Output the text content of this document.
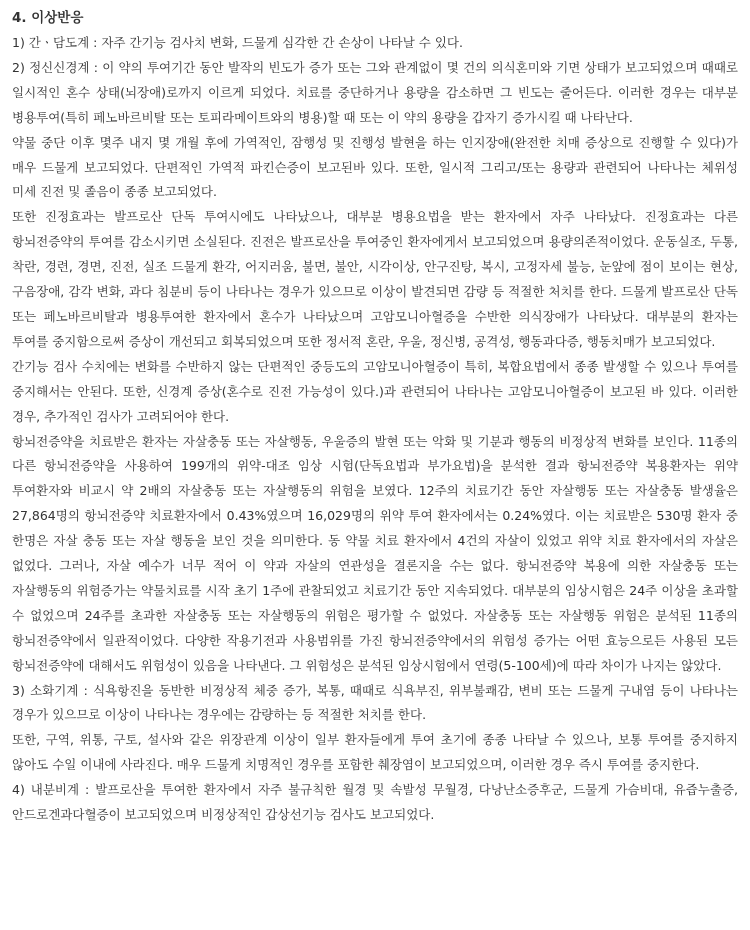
4. 이상반응

1) 간ㆍ담도계 : 자주 간기능 검사치 변화, 드물게 심각한 간 손상이 나타날 수 있다.

2) 정신신경계 : 이 약의 투여기간 동안 발작의 빈도가 증가 또는 그와 관계없이 몇 건의 의식혼미와 기면 상태가 보고되었으며 때때로 일시적인 혼수 상태(뇌장애)로까지 이르게 되었다. 치료를 중단하거나 용량을 감소하면 그 빈도는 줄어든다. 이러한 경우는 대부분 병용투여(특히 페노바르비탈 또는 토피라메이트와의 병용)할 때 또는 이 약의 용량을 갑자기 증가시킬 때 나타난다.

약물 중단 이후 몇주 내지 몇 개월 후에 가역적인, 잠행성 및 진행성 발현을 하는 인지장애(완전한 치매 증상으로 진행할 수 있다)가 매우 드물게 보고되었다. 단편적인 가역적 파킨슨증이 보고된바 있다. 또한, 일시적 그리고/또는 용량과 관련되어 나타나는 체위성 미세 진전 및 졸음이 종종 보고되었다.

또한 진정효과는 발프로산 단독 투여시에도 나타났으나, 대부분 병용요법을 받는 환자에서 자주 나타났다. 진정효과는 다른 항뇌전증약의 투여를 감소시키면 소실된다. 진전은 발프로산을 투여중인 환자에게서 보고되었으며 용량의존적이었다. 운동실조, 두통, 착란, 경련, 경면, 진전, 실조 드물게 환각, 어지러움, 불면, 불안, 시각이상, 안구진탕, 복시, 고정자세 불능, 눈앞에 점이 보이는 현상, 구음장애, 감각 변화, 과다 침분비 등이 나타나는 경우가 있으므로 이상이 발견되면 감량 등 적절한 처치를 한다. 드물게 발프로산 단독 또는 페노바르비탈과 병용투여한 환자에서 혼수가 나타났으며 고암모니아혈증을 수반한 의식장애가 나타났다. 대부분의 환자는 투여를 중지함으로써 증상이 개선되고 회복되었으며 또한 정서적 혼란, 우울, 정신병, 공격성, 행동과다증, 행동치매가 보고되었다.

간기능 검사 수치에는 변화를 수반하지 않는 단편적인 중등도의 고암모니아혈증이 특히, 복합요법에서 종종 발생할 수 있으나 투여를 중지해서는 안된다. 또한, 신경계 증상(혼수로 진전 가능성이 있다.)과 관련되어 나타나는 고암모니아혈증이 보고된 바 있다. 이러한 경우, 추가적인 검사가 고려되어야 한다.

항뇌전증약을 치료받은 환자는 자살충동 또는 자살행동, 우울증의 발현 또는 악화 및 기분과 행동의 비정상적 변화를 보인다. 11종의 다른 항뇌전증약을 사용하여 199개의 위약-대조 임상 시험(단독요법과 부가요법)을 분석한 결과 항뇌전증약 복용환자는 위약 투여환자와 비교시 약 2배의 자살충동 또는 자살행동의 위험을 보였다. 12주의 치료기간 동안 자살행동 또는 자살충동 발생율은 27,864명의 항뇌전증약 치료환자에서 0.43%였으며 16,029명의 위약 투여 환자에서는 0.24%였다. 이는 치료받은 530명 환자 중 한명은 자살 충동 또는 자살 행동을 보인 것을 의미한다. 동 약물 치료 환자에서 4건의 자살이 있었고 위약 치료 환자에서의 자살은 없었다. 그러나, 자살 예수가 너무 적어 이 약과 자살의 연관성을 결론지을 수는 없다. 항뇌전증약 복용에 의한 자살충동 또는 자살행동의 위험증가는 약물치료를 시작 초기 1주에 관찰되었고 치료기간 동안 지속되었다. 대부분의 임상시험은 24주 이상을 초과할 수 없었으며 24주를 초과한 자살충동 또는 자살행동의 위험은 평가할 수 없었다. 자살충동 또는 자살행동 위험은 분석된 11종의 항뇌전증약에서 일관적이었다. 다양한 작용기전과 사용범위를 가진 항뇌전증약에서의 위험성 증가는 어떤 효능으로든 사용된 모든 항뇌전증약에 대해서도 위험성이 있음을 나타낸다. 그 위험성은 분석된 임상시험에서 연령(5-100세)에 따라 차이가 나지는 않았다.

3) 소화기계 : 식욕항진을 동반한 비정상적 체중 증가, 복통, 때때로 식욕부진, 위부불쾌감, 변비 또는 드물게 구내염 등이 나타나는 경우가 있으므로 이상이 나타나는 경우에는 감량하는 등 적절한 처치를 한다.

또한, 구역, 위통, 구토, 설사와 같은 위장관계 이상이 일부 환자들에게 투여 초기에 종종 나타날 수 있으나, 보통 투여를 중지하지 않아도 수일 이내에 사라진다. 매우 드물게 치명적인 경우를 포함한 췌장염이 보고되었으며, 이러한 경우 즉시 투여를 중지한다.

4) 내분비계 : 발프로산을 투여한 환자에서 자주 불규칙한 월경 및 속발성 무월경, 다낭난소증후군, 드물게 가슴비대, 유즙누출증, 안드로겐과다혈증이 보고되었으며 비정상적인 갑상선기능 검사도 보고되었다.
